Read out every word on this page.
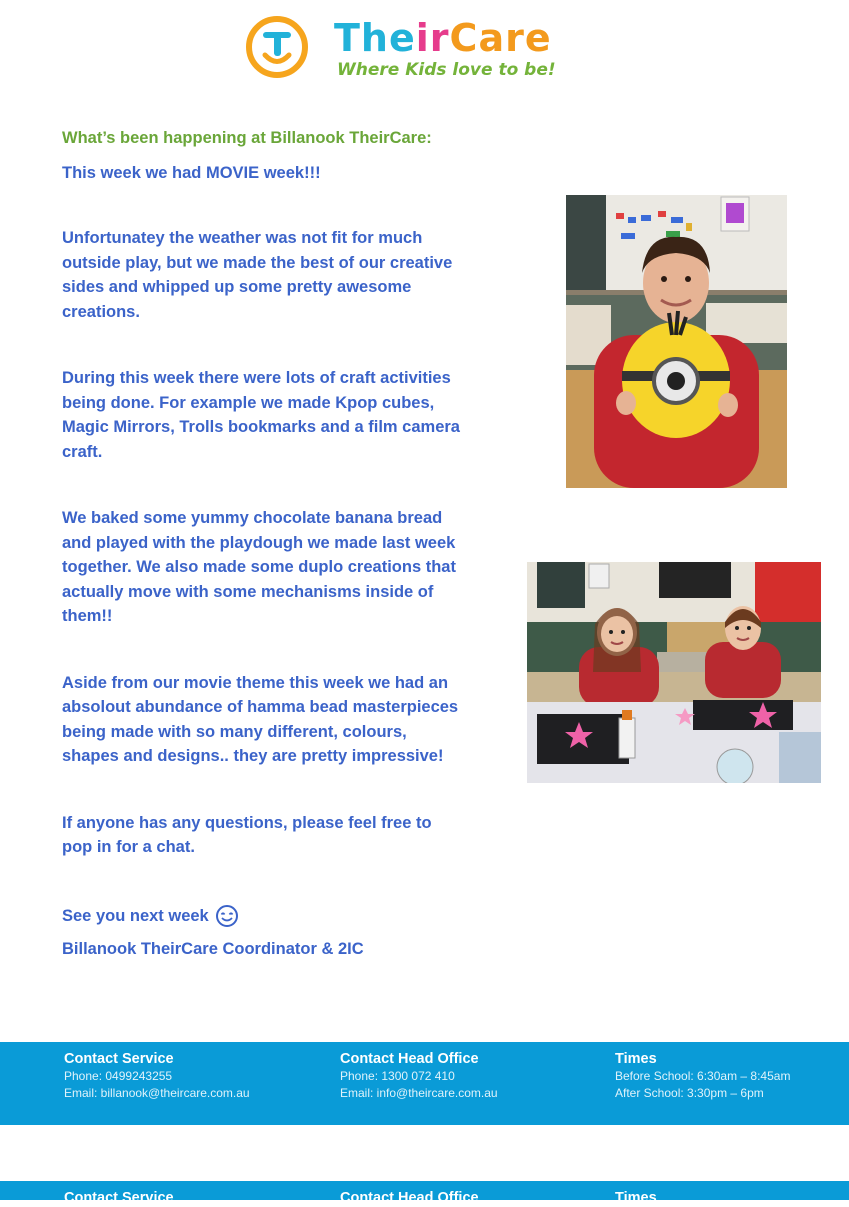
TheirCare
Where Kids love to be!

What’s been happening at Billanook TheirCare:

This week we had MOVIE week!!!

Unfortunatey the weather was not fit for much outside play, but we made the best of our creative sides and whipped up some pretty awesome creations.

During this week there were lots of craft activities being done. For example we made Kpop cubes, Magic Mirrors, Trolls bookmarks and a film camera craft.

We baked some yummy chocolate banana bread and played with the playdough we made last week together. We also made some duplo creations that actually move with some mechanisms inside of them!!

Aside from our movie theme this week we had an absolout abundance of hamma bead masterpieces being made with so many different, colours, shapes and designs.. they are pretty impressive!

If anyone has any questions, please feel free to pop in for a chat.

See you next week

Billanook TheirCare Coordinator & 2IC

Contact Service
Phone: 0499243255
Email: billanook@theircare.com.au
Contact Head Office
Phone: 1300 072 410
Email: info@theircare.com.au
Times
Before School: 6:30am – 8:45am
After School: 3:30pm – 6pm
Contact Service	Contact Head Office	Times
